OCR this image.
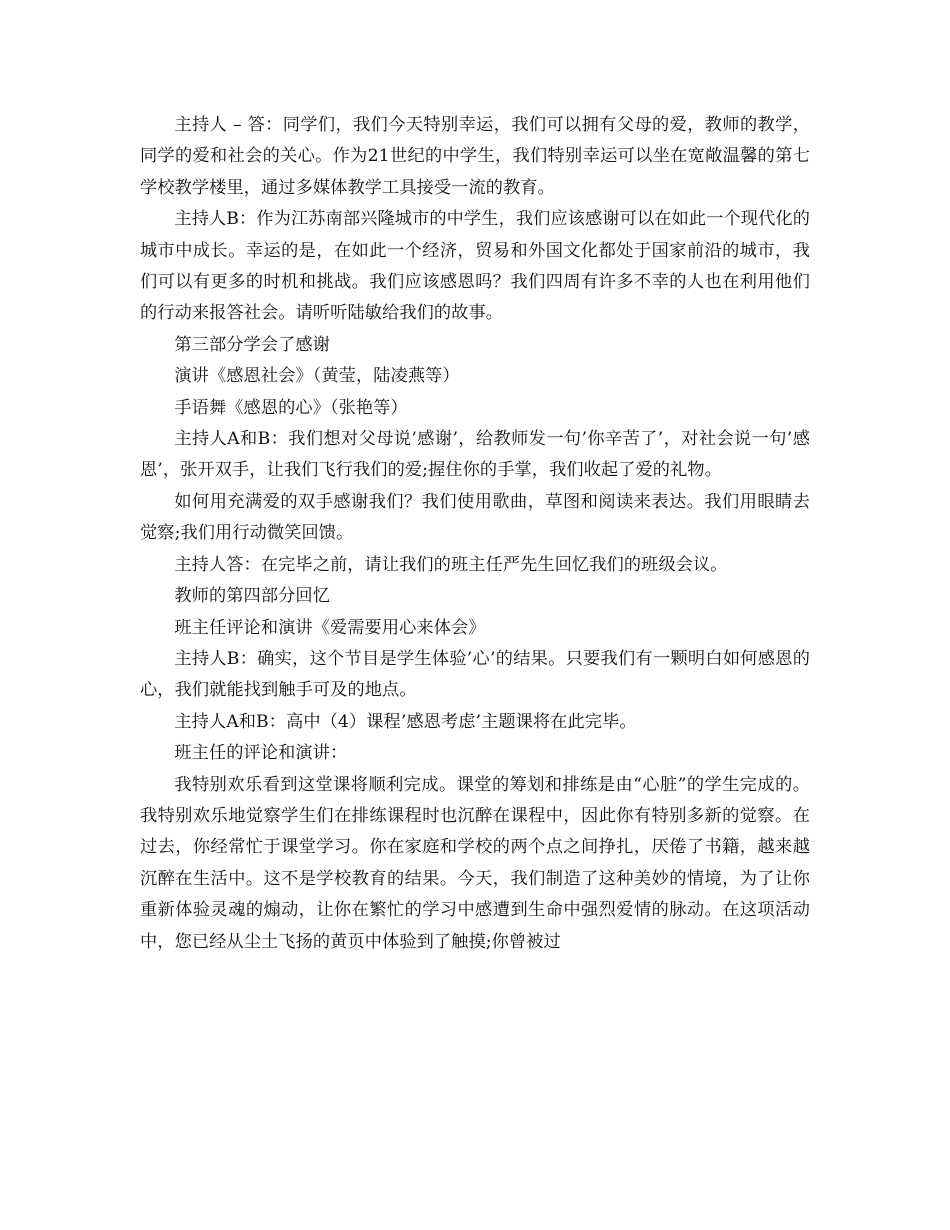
主持人 – 答：同学们，我们今天特别幸运，我们可以拥有父母的爱，教师的教学，同学的爱和社会的关心。作为21世纪的中学生，我们特别幸运可以坐在宽敞温馨的第七学校教学楼里，通过多媒体教学工具接受一流的教育。

主持人B：作为江苏南部兴隆城市的中学生，我们应该感谢可以在如此一个现代化的城市中成长。幸运的是，在如此一个经济，贸易和外国文化都处于国家前沿的城市，我们可以有更多的时机和挑战。我们应该感恩吗？我们四周有许多不幸的人也在利用他们的行动来报答社会。请听听陆敏给我们的故事。

第三部分学会了感谢

演讲《感恩社会》（黄莹，陆凌燕等）

手语舞《感恩的心》（张艳等）

主持人A和B：我们想对父母说’感谢’，给教师发一句’你辛苦了’，对社会说一句’感恩’，张开双手，让我们飞行我们的爱;握住你的手掌，我们收起了爱的礼物。

如何用充满爱的双手感谢我们？我们使用歌曲，草图和阅读来表达。我们用眼睛去觉察;我们用行动微笑回馈。

主持人答：在完毕之前，请让我们的班主任严先生回忆我们的班级会议。

教师的第四部分回忆

班主任评论和演讲《爱需要用心来体会》

主持人B：确实，这个节目是学生体验’心’的结果。只要我们有一颗明白如何感恩的心，我们就能找到触手可及的地点。

主持人A和B：高中（4）课程’感恩考虑’主题课将在此完毕。

班主任的评论和演讲：

我特别欢乐看到这堂课将顺利完成。课堂的筹划和排练是由“心脏”的学生完成的。我特别欢乐地觉察学生们在排练课程时也沉醉在课程中，因此你有特别多新的觉察。在过去，你经常忙于课堂学习。你在家庭和学校的两个点之间挣扎，厌倦了书籍，越来越沉醉在生活中。这不是学校教育的结果。今天，我们制造了这种美妙的情境，为了让你重新体验灵魂的煽动，让你在繁忙的学习中感遭到生命中强烈爱情的脉动。在这项活动中，您已经从尘土飞扬的黄页中体验到了触摸;你曾被过
